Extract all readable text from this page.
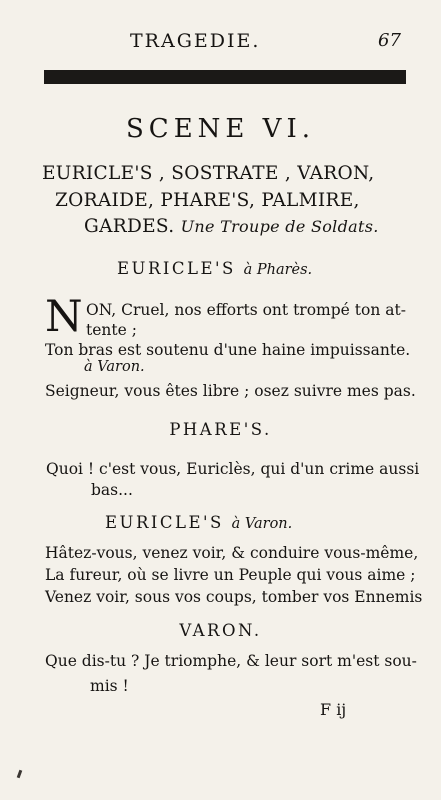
TRAGEDIE.	67
SCENE VI.
EURICLE'S , SOSTRATE , VARON,
ZORAIDE, PHARE'S, PALMIRE,
GARDES. Une Troupe de Soldats.
EURICLE'S à Pharès.
N ON, Cruel, nos efforts ont trompé ton at-
tente ;
Ton bras est soutenu d'une haine impuissante.
à Varon.
Seigneur, vous êtes libre ; osez suivre mes pas.
PHARE'S.
Quoi ! c'est vous, Euriclès, qui d'un crime aussi
bas...
EURICLE'S à Varon.
Hâtez-vous, venez voir, & conduire vous-même,
La fureur, où se livre un Peuple qui vous aime ;
Venez voir, sous vos coups, tomber vos Ennemis
VARON.
Que dis-tu ? Je triomphe, & leur sort m'est sou-
mis !
F ij
